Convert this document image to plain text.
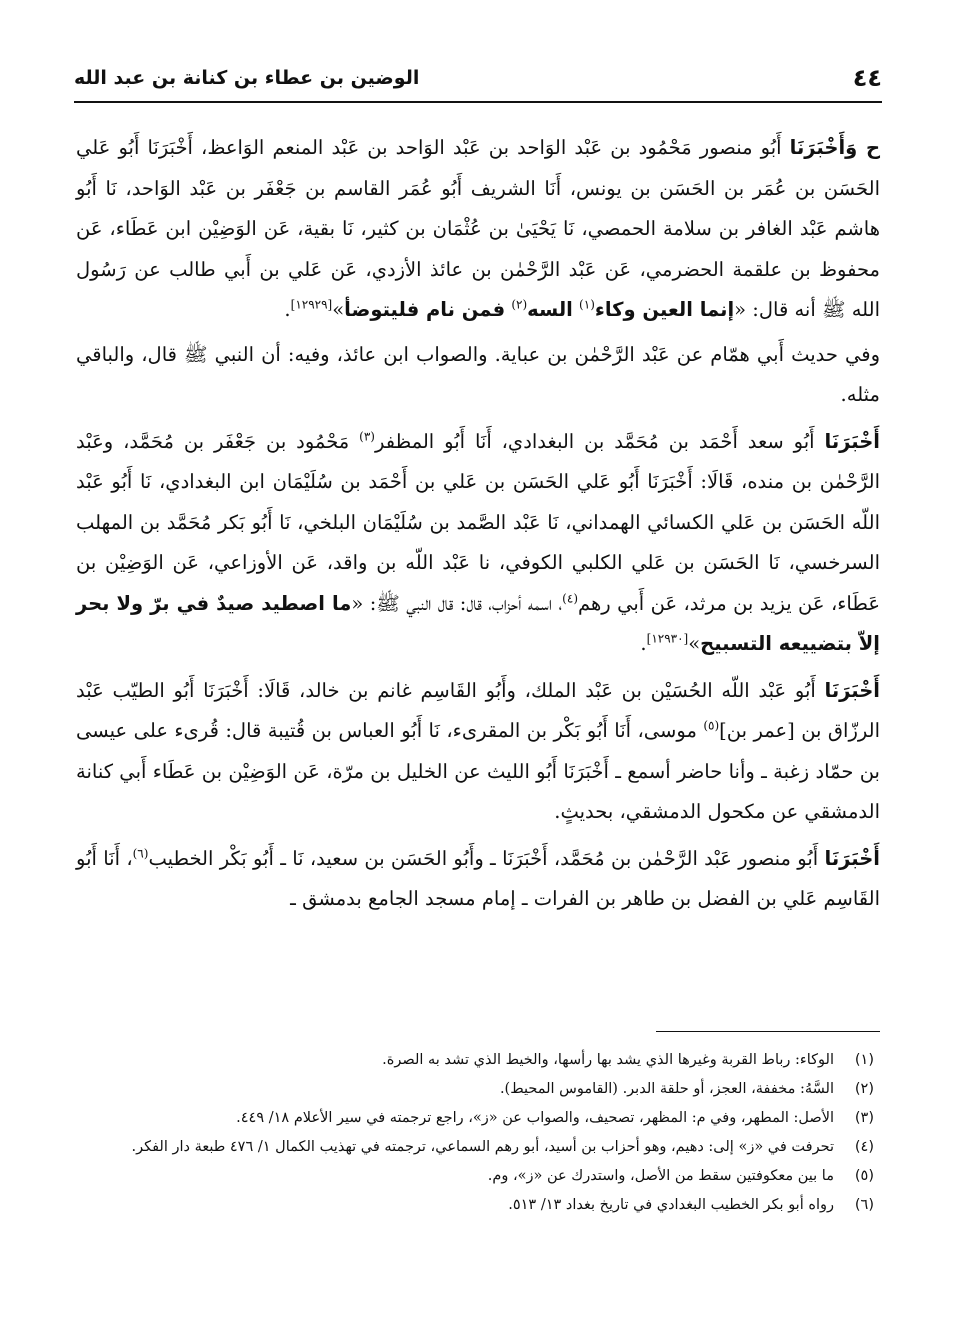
٤٤
الوضين بن عطاء بن كنانة بن عبد الله

ح وَأَخْبَرَنَا أَبُو منصور مَحْمُود بن عَبْد الوَاحد بن عَبْد الوَاحد بن عَبْد المنعم الوَاعظ، أَخْبَرَنَا أَبُو عَلي الحَسَن بن عُمَر بن الحَسَن بن يونس، أَنَا الشريف أَبُو عُمَر القاسم بن جَعْفَر بن عَبْد الوَاحد، نَا أَبُو هاشم عَبْد الغافر بن سلامة الحمصي، نَا يَحْيَىٰ بن عُثْمَان بن كثير، نَا بقية، عَن الوَضِيْن ابن عَطَاء، عَن محفوظ بن علقمة الحضرمي، عَن عَبْد الرَّحْمٰن بن عائذ الأزدي، عَن عَلي بن أَبي طالب عن رَسُول الله ﷺ أنه قال: «إنما العين وكاء$^{(١)}$ السه$^{(٢)}$ فمن نام فليتوضأ»[١٢٩٢٩].

وفي حديث أَبي همّام عن عَبْد الرَّحْمٰن بن عباية. والصواب ابن عائذ، وفيه: أن النبي ﷺ قال، والباقي مثله.

أَخْبَرَنَا أَبُو سعد أَحْمَد بن مُحَمَّد بن البغدادي، أَنَا أَبُو المظفر$^{(٣)}$ مَحْمُود بن جَعْفَر بن مُحَمَّد، وعَبْد الرَّحْمٰن بن منده، قَالَا: أَخْبَرَنَا أَبُو عَلي الحَسَن بن عَلي بن أَحْمَد بن سُلَيْمَان ابن البغدادي، نَا أَبُو عَبْد اللّه الحَسَن بن عَلي الكسائي الهمداني، نَا عَبْد الصَّمد بن سُلَيْمَان البلخي، نَا أَبُو بَكر مُحَمَّد بن المهلب السرخسي، نَا الحَسَن بن عَلي الكلبي الكوفي، نا عَبْد اللّه بن واقد، عَن الأوزاعي، عَن الوَضِيْن بن عَطَاء، عَن يزيد بن مرثد، عَن أَبي رهم$^{(٤)}$، اسمه أحزاب، قال: قال النبي ﷺ: «ما اصطيد صيدٌ في برّ ولا بحر إلاّ بتضييعه التسبيح»[١٢٩٣٠].

أَخْبَرَنَا أَبُو عَبْد اللّه الحُسَيْن بن عَبْد الملك، وأَبُو القَاسِم غانم بن خالد، قَالَا: أَخْبَرَنَا أَبُو الطيّب عَبْد الرزّاق بن [عمر بن]$^{(٥)}$ موسى، أَنَا أَبُو بَكْر بن المقرىء، نَا أَبُو العباس بن قُتيبة قال: قُرىء على عيسى بن حمّاد زغبة ـ وأنا حاضر أسمع ـ أَخْبَرَنَا أَبُو الليث عن الخليل بن مرّة، عَن الوَضِيْن بن عَطَاء أَبي كنانة الدمشقي عن مكحول الدمشقي، بحديثٍ.

أَخْبَرَنَا أَبُو منصور عَبْد الرَّحْمٰن بن مُحَمَّد، أَخْبَرَنَا ـ وأَبُو الحَسَن بن سعيد، نَا ـ أَبُو بَكْر الخطيب$^{(٦)}$، أَنَا أَبُو القَاسِم عَلي بن الفضل بن طاهر بن الفرات ـ إمام مسجد الجامع بدمشق ـ

(١)
الوكاء: رباط القربة وغيرها الذي يشد بها رأسها، والخيط الذي تشد به الصرة.
(٢)
السَّهُ: مخففة، العجز، أو حلقة الدبر. (القاموس المحيط).
(٣)
الأصل: المطهر، وفي م: المظهر، تصحيف، والصواب عن «ز»، راجع ترجمته في سير الأعلام ١٨/ ٤٤٩.
(٤)
تحرفت في «ز» إلى: دهيم، وهو أحزاب بن أسيد، أبو رهم السماعي، ترجمته في تهذيب الكمال ١/ ٤٧٦ طبعة دار الفكر.
(٥)
ما بين معكوفتين سقط من الأصل، واستدرك عن «ز»، وم.
(٦)
رواه أبو بكر الخطيب البغدادي في تاريخ بغداد ١٣/ ٥١٣.
